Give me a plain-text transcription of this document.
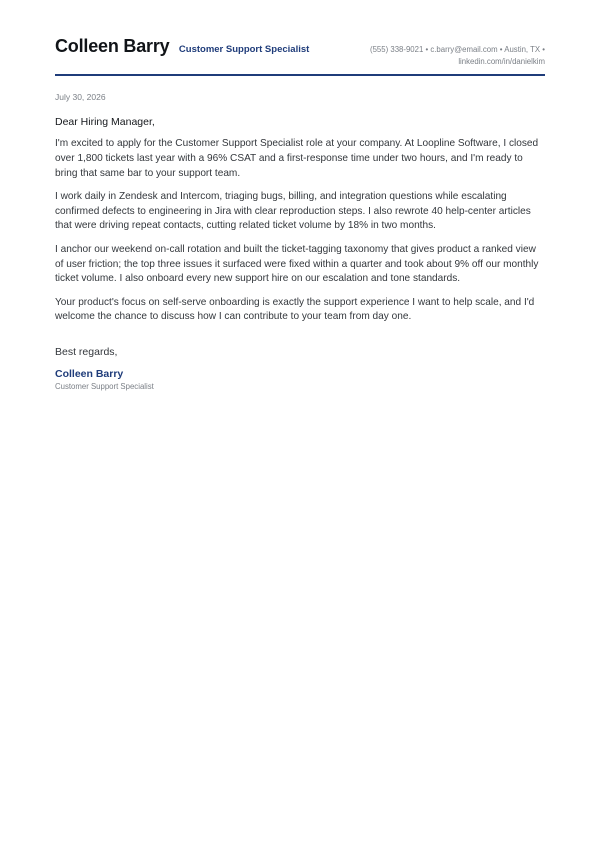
Colleen Barry Customer Support Specialist	(555) 338-9021 • c.barry@email.com • Austin, TX •
linkedin.com/in/danielkim
July 30, 2026

Dear Hiring Manager,

I'm excited to apply for the Customer Support Specialist role at your company. At Loopline Software, I closed over 1,800 tickets last year with a 96% CSAT and a first-response time under two hours, and I'm ready to bring that same bar to your support team.

I work daily in Zendesk and Intercom, triaging bugs, billing, and integration questions while escalating confirmed defects to engineering in Jira with clear reproduction steps. I also rewrote 40 help-center articles that were driving repeat contacts, cutting related ticket volume by 18% in two months.

I anchor our weekend on-call rotation and built the ticket-tagging taxonomy that gives product a ranked view of user friction; the top three issues it surfaced were fixed within a quarter and took about 9% off our monthly ticket volume. I also onboard every new support hire on our escalation and tone standards.

Your product's focus on self-serve onboarding is exactly the support experience I want to help scale, and I'd welcome the chance to discuss how I can contribute to your team from day one.

Best regards,

Colleen Barry

Customer Support Specialist
